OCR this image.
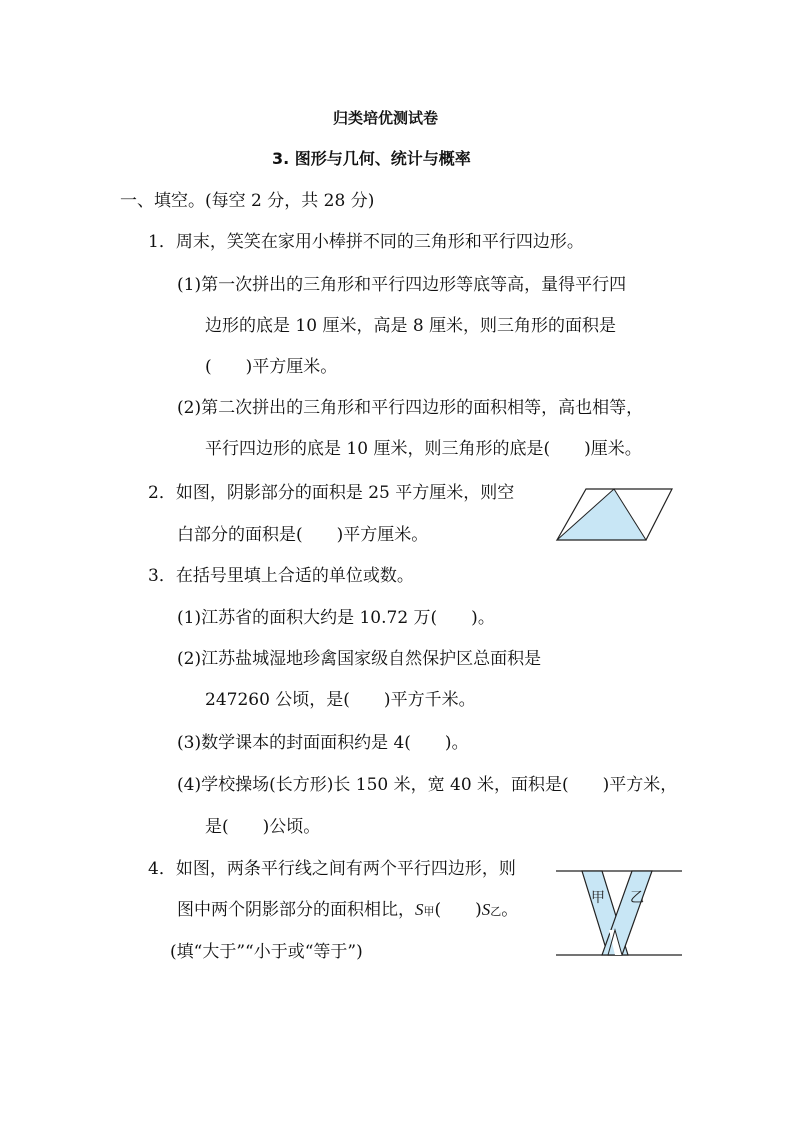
归类培优测试卷
3. 图形与几何、统计与概率
一、填空。(每空 2 分，共 28 分)
1．周末，笑笑在家用小棒拼不同的三角形和平行四边形。
(1)第一次拼出的三角形和平行四边形等底等高，量得平行四
边形的底是 10 厘米，高是 8 厘米，则三角形的面积是
(　　)平方厘米。
(2)第二次拼出的三角形和平行四边形的面积相等，高也相等，
平行四边形的底是 10 厘米，则三角形的底是(　　)厘米。
2．如图，阴影部分的面积是 25 平方厘米，则空
白部分的面积是(　　)平方厘米。
3．在括号里填上合适的单位或数。
(1)江苏省的面积大约是 10.72 万(　　)。
(2)江苏盐城湿地珍禽国家级自然保护区总面积是
247260 公顷，是(　　)平方千米。
(3)数学课本的封面面积约是 4(　　)。
(4)学校操场(长方形)长 150 米，宽 40 米，面积是(　　)平方米，
是(　　)公顷。
4．如图，两条平行线之间有两个平行四边形，则
图中两个阴影部分的面积相比，S甲(　　)S乙。
(填“大于”“小于或“等于”)
甲 乙
